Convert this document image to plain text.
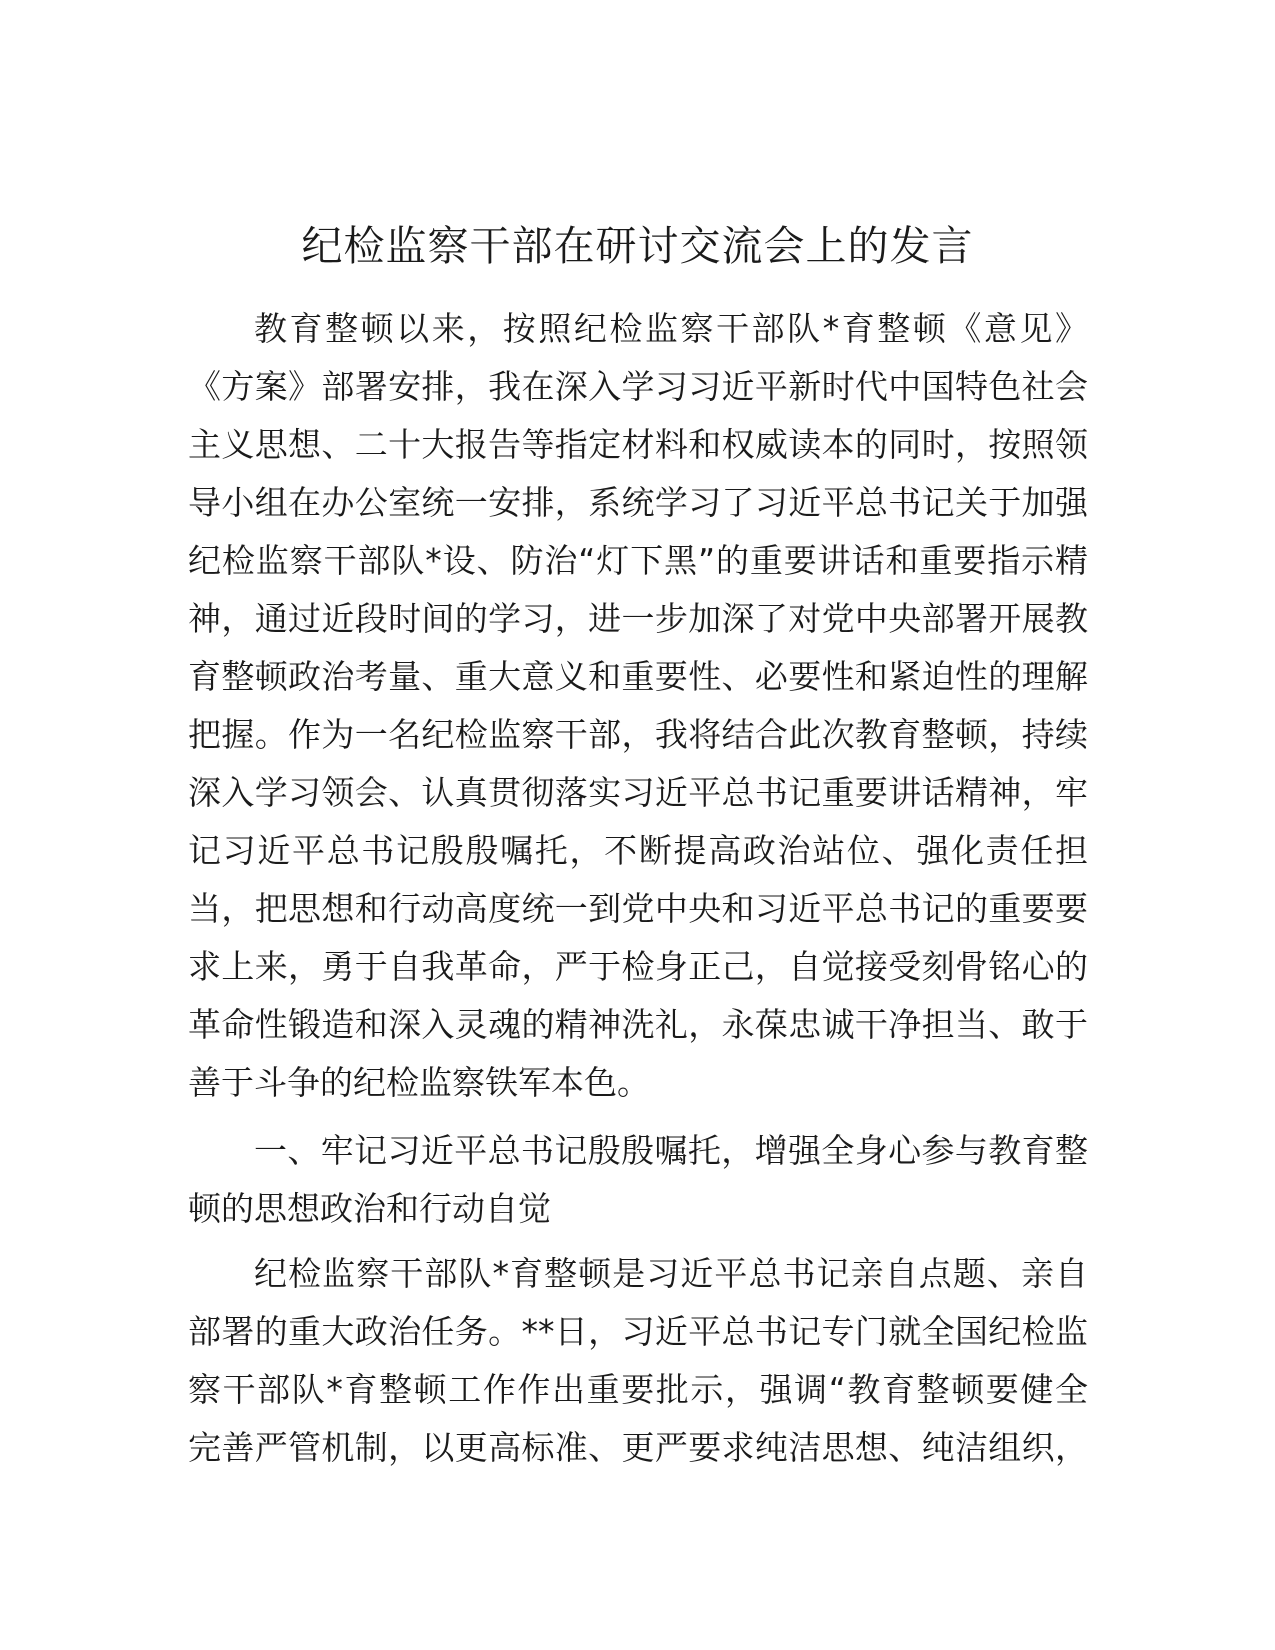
纪检监察干部在研讨交流会上的发言
教育整顿以来，按照纪检监察干部队*育整顿《意见》
《方案》部署安排，我在深入学习习近平新时代中国特色社会
主义思想、二十大报告等指定材料和权威读本的同时，按照领
导小组在办公室统一安排，系统学习了习近平总书记关于加强
纪检监察干部队*设、防治“灯下黑”的重要讲话和重要指示精
神，通过近段时间的学习，进一步加深了对党中央部署开展教
育整顿政治考量、重大意义和重要性、必要性和紧迫性的理解
把握。作为一名纪检监察干部，我将结合此次教育整顿，持续
深入学习领会、认真贯彻落实习近平总书记重要讲话精神，牢
记习近平总书记殷殷嘱托，不断提高政治站位、强化责任担
当，把思想和行动高度统一到党中央和习近平总书记的重要要
求上来，勇于自我革命，严于检身正己，自觉接受刻骨铭心的
革命性锻造和深入灵魂的精神洗礼，永葆忠诚干净担当、敢于
善于斗争的纪检监察铁军本色。
一、牢记习近平总书记殷殷嘱托，增强全身心参与教育整
顿的思想政治和行动自觉
纪检监察干部队*育整顿是习近平总书记亲自点题、亲自
部署的重大政治任务。**日，习近平总书记专门就全国纪检监
察干部队*育整顿工作作出重要批示，强调“教育整顿要健全
完善严管机制，以更高标准、更严要求纯洁思想、纯洁组织，
